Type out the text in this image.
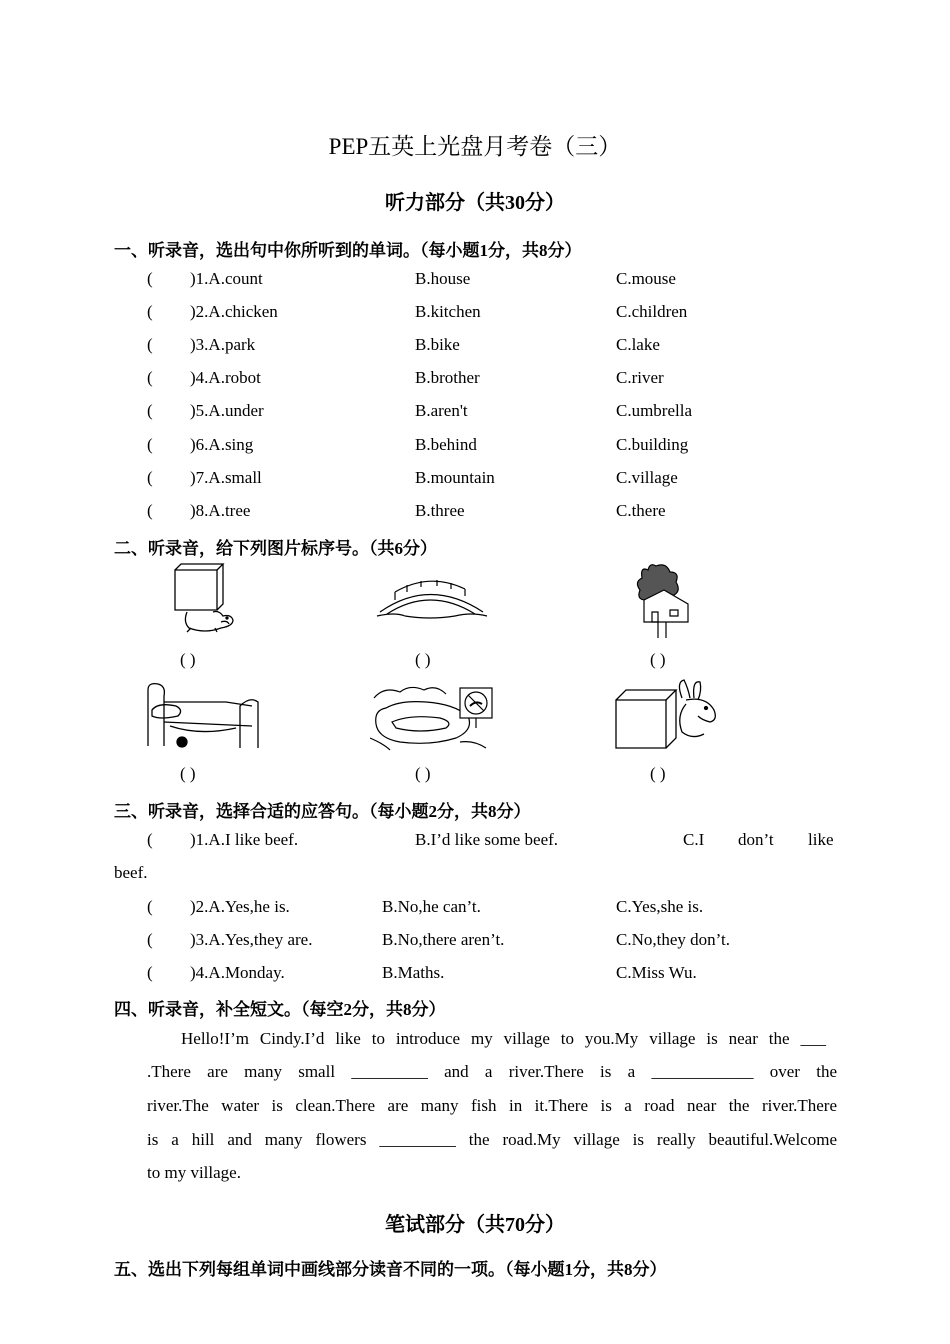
PEP五英上光盘月考卷（三）
听力部分（共30分）
一、听录音，选出句中你所听到的单词。（每小题1分，共8分）
( )1.A.count	B.house	C.mouse
( )2.A.chicken	B.kitchen	C.children
( )3.A.park	B.bike	C.lake
( )4.A.robot	B.brother	C.river
( )5.A.under	B.aren't	C.umbrella
( )6.A.sing	B.behind	C.building
( )7.A.small	B.mountain	C.village
( )8.A.tree	B.three	C.there
二、听录音，给下列图片标序号。（共6分）
( )	( )	( )
( )	( )	( )
三、听录音，选择合适的应答句。（每小题2分，共8分）
( )1.A.I like beef.	B.I’d like some beef.	C.I don’t like
beef.
( )2.A.Yes,he is.	B.No,he can’t.	C.Yes,she is.
( )3.A.Yes,they are.	B.No,there aren’t.	C.No,they don’t.
( )4.A.Monday.	B.Maths.	C.Miss Wu.
四、听录音，补全短文。（每空2分，共8分）
Hello!I’m Cindy.I’d like to introduce my village to you.My village is near the ___
.There are many small _________ and a river.There is a ____________ over the
river.The water is clean.There are many fish in it.There is a road near the river.There
is a hill and many flowers _________ the road.My village is really beautiful.Welcome
to my village.
笔试部分（共70分）
五、选出下列每组单词中画线部分读音不同的一项。（每小题1分，共8分）
